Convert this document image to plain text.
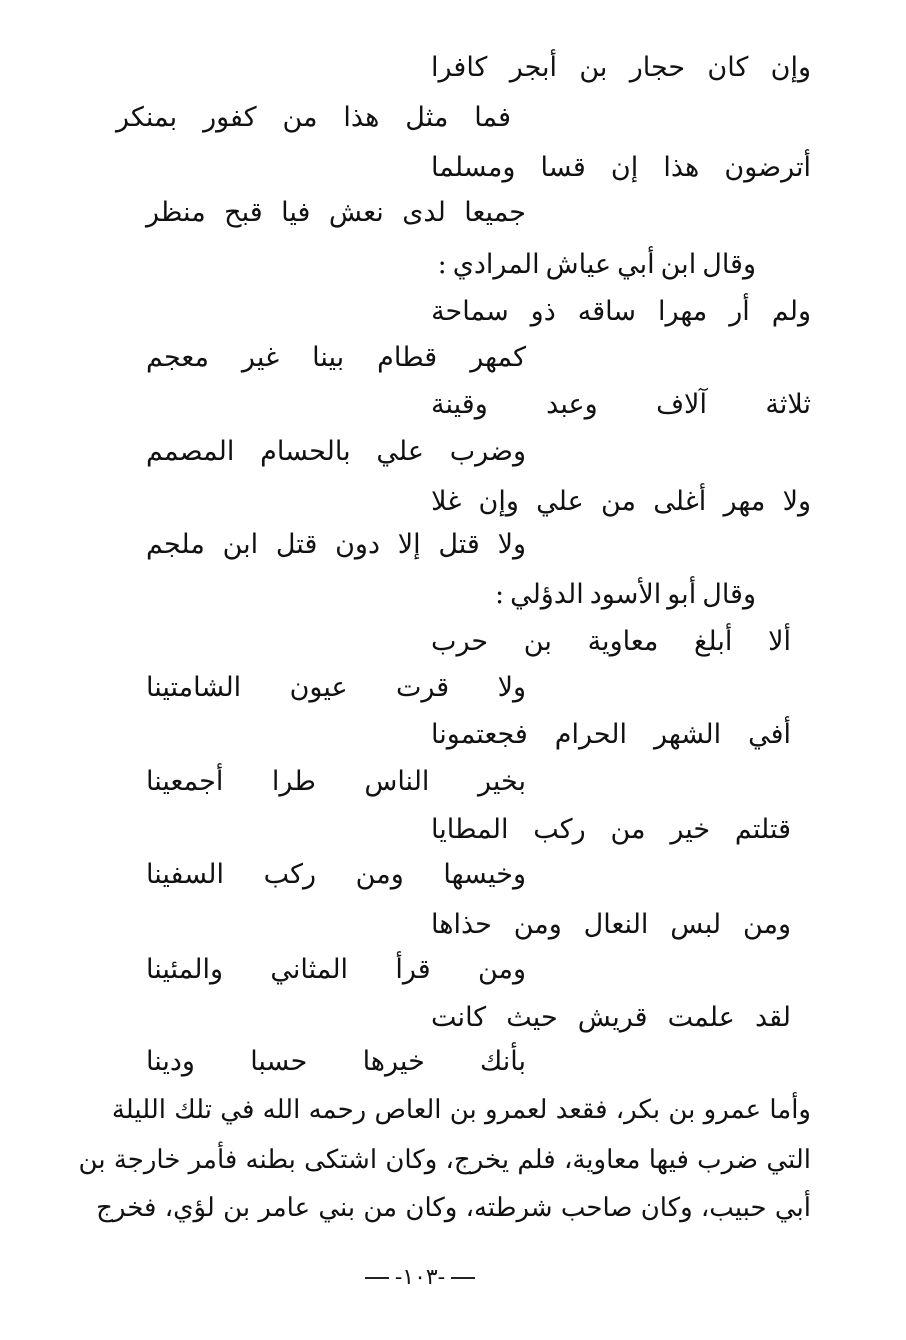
وإن
كان
حجار
بن
أبجر
كافرا
فما
مثل
هذا
من
كفور
بمنكر
أترضون
هذا
إن
قسا
ومسلما
جميعا
لدى
نعش
فيا
قبح
منظر
وقال
ابن
أبي
عياش
المرادي
:
ولم
أر
مهرا
ساقه
ذو
سماحة
كمهر
قطام
بينا
غير
معجم
ثلاثة
آلاف
وعبد
وقينة
وضرب
علي
بالحسام
المصمم
ولا
مهر
أغلى
من
علي
وإن
غلا
ولا
قتل
إلا
دون
قتل
ابن
ملجم
وقال
أبو
الأسود
الدؤلي
:
ألا
أبلغ
معاوية
بن
حرب
ولا
قرت
عيون
الشامتينا
أفي
الشهر
الحرام
فجعتمونا
بخير
الناس
طرا
أجمعينا
قتلتم
خير
من
ركب
المطايا
وخيسها
ومن
ركب
السفينا
ومن
لبس
النعال
ومن
حذاها
ومن
قرأ
المثاني
والمئينا
لقد
علمت
قريش
حيث
كانت
بأنك
خيرها
حسبا
ودينا
وأما عمرو بن بكر، فقعد لعمرو بن العاص رحمه الله في تلك الليلة
التي ضرب فيها معاوية، فلم يخرج، وكان اشتكى بطنه فأمر خارجة بن
أبي حبيب، وكان صاحب شرطته، وكان من بني عامر بن لؤي، فخرج
-١٠٣-
